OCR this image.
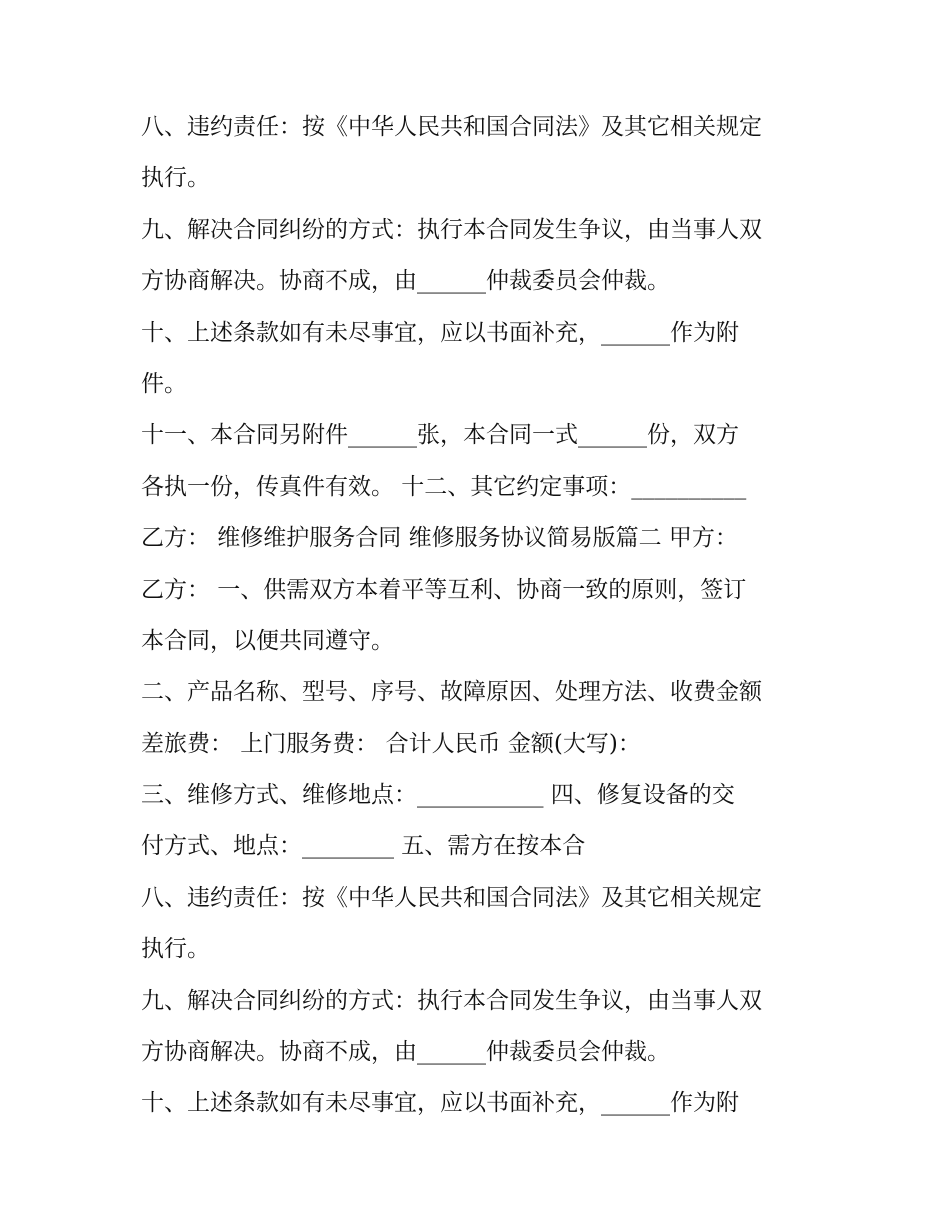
八、违约责任：按《中华人民共和国合同法》及其它相关规定
执行。
九、解决合同纠纷的方式：执行本合同发生争议，由当事人双
方协商解决。协商不成，由______仲裁委员会仲裁。
十、上述条款如有未尽事宜，应以书面补充，______作为附
件。
十一、本合同另附件______张，本合同一式______份，双方
各执一份，传真件有效。 十二、其它约定事项：__________
乙方： 维修维护服务合同 维修服务协议简易版篇二 甲方：
乙方： 一、供需双方本着平等互利、协商一致的原则，签订
本合同，以便共同遵守。
二、产品名称、型号、序号、故障原因、处理方法、收费金额
差旅费： 上门服务费： 合计人民币 金额(大写)：
三、维修方式、维修地点：___________ 四、修复设备的交
付方式、地点：________ 五、需方在按本合
八、违约责任：按《中华人民共和国合同法》及其它相关规定
执行。
九、解决合同纠纷的方式：执行本合同发生争议，由当事人双
方协商解决。协商不成，由______仲裁委员会仲裁。
十、上述条款如有未尽事宜，应以书面补充，______作为附
